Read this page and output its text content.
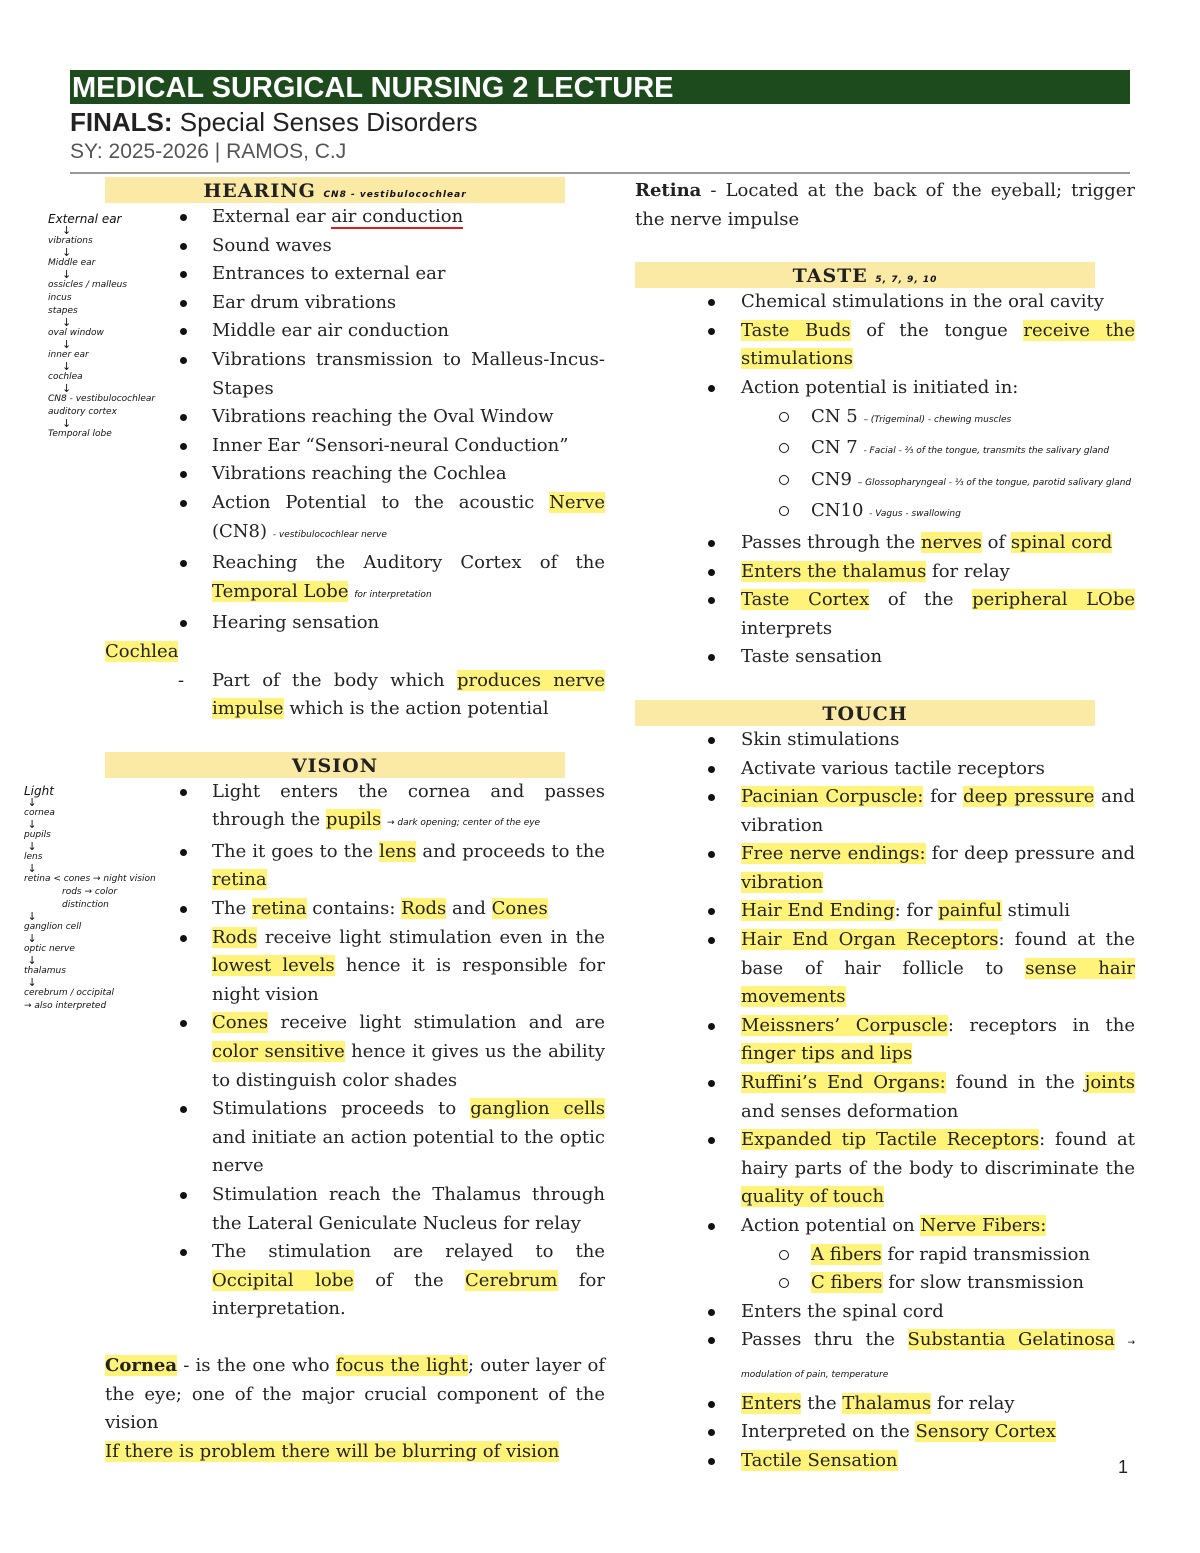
MEDICAL SURGICAL NURSING 2 LECTURE
FINALS: Special Senses Disorders
SY: 2025-2026 | RAMOS, C.J
External ear
↓
vibrations
↓
Middle ear
↓
ossicles / malleus
incus
stapes
↓
oval window
↓
inner ear
↓
cochlea
↓
CN8 - vestibulocochlear
auditory cortex
↓
Temporal lobe
Light
↓
cornea
↓
pupils
↓
lens
↓
retina < cones → night vision
rods → color distinction
↓
ganglion cell
↓
optic nerve
↓
thalamus
↓
cerebrum / occipital
→ also interpreted
HEARING CN8 - vestibulocochlear
External ear air conduction
Sound waves
Entrances to external ear
Ear drum vibrations
Middle ear air conduction
Vibrations transmission to Malleus-Incus-Stapes
Vibrations reaching the Oval Window
Inner Ear “Sensori-neural Conduction”
Vibrations reaching the Cochlea
Action Potential to the acoustic Nerve (CN8) - vestibulocochlear nerve
Reaching the Auditory Cortex of the Temporal Lobe for interpretation
Hearing sensation
Cochlea
- Part of the body which produces nerve impulse which is the action potential
VISION
Light enters the cornea and passes through the pupils → dark opening; center of the eye
The it goes to the lens and proceeds to the retina
The retina contains: Rods and Cones
Rods receive light stimulation even in the lowest levels hence it is responsible for night vision
Cones receive light stimulation and are color sensitive hence it gives us the ability to distinguish color shades
Stimulations proceeds to ganglion cells and initiate an action potential to the optic nerve
Stimulation reach the Thalamus through the Lateral Geniculate Nucleus for relay
The stimulation are relayed to the Occipital lobe of the Cerebrum for interpretation.
Cornea - is the one who focus the light; outer layer of the eye; one of the major crucial component of the vision
If there is problem there will be blurring of vision
Retina - Located at the back of the eyeball; trigger the nerve impulse
TASTE 5, 7, 9, 10
Chemical stimulations in the oral cavity
Taste Buds of the tongue receive the stimulations
Action potential is initiated in:
CN 5 – (Trigeminal) - chewing muscles
CN 7 - Facial - ⅔ of the tongue, transmits the salivary gland
CN9 – Glossopharyngeal - ⅓ of the tongue, parotid salivary gland
CN10 - Vagus - swallowing
Passes through the nerves of spinal cord
Enters the thalamus for relay
Taste Cortex of the peripheral LObe interprets
Taste sensation
TOUCH
Skin stimulations
Activate various tactile receptors
Pacinian Corpuscle: for deep pressure and vibration
Free nerve endings: for deep pressure and vibration
Hair End Ending: for painful stimuli
Hair End Organ Receptors: found at the base of hair follicle to sense hair movements
Meissners’ Corpuscle: receptors in the finger tips and lips
Ruffini’s End Organs: found in the joints and senses deformation
Expanded tip Tactile Receptors: found at hairy parts of the body to discriminate the quality of touch
Action potential on Nerve Fibers:
A fibers for rapid transmission
C fibers for slow transmission
Enters the spinal cord
Passes thru the Substantia Gelatinosa → modulation of pain, temperature
Enters the Thalamus for relay
Interpreted on the Sensory Cortex
Tactile Sensation	1
